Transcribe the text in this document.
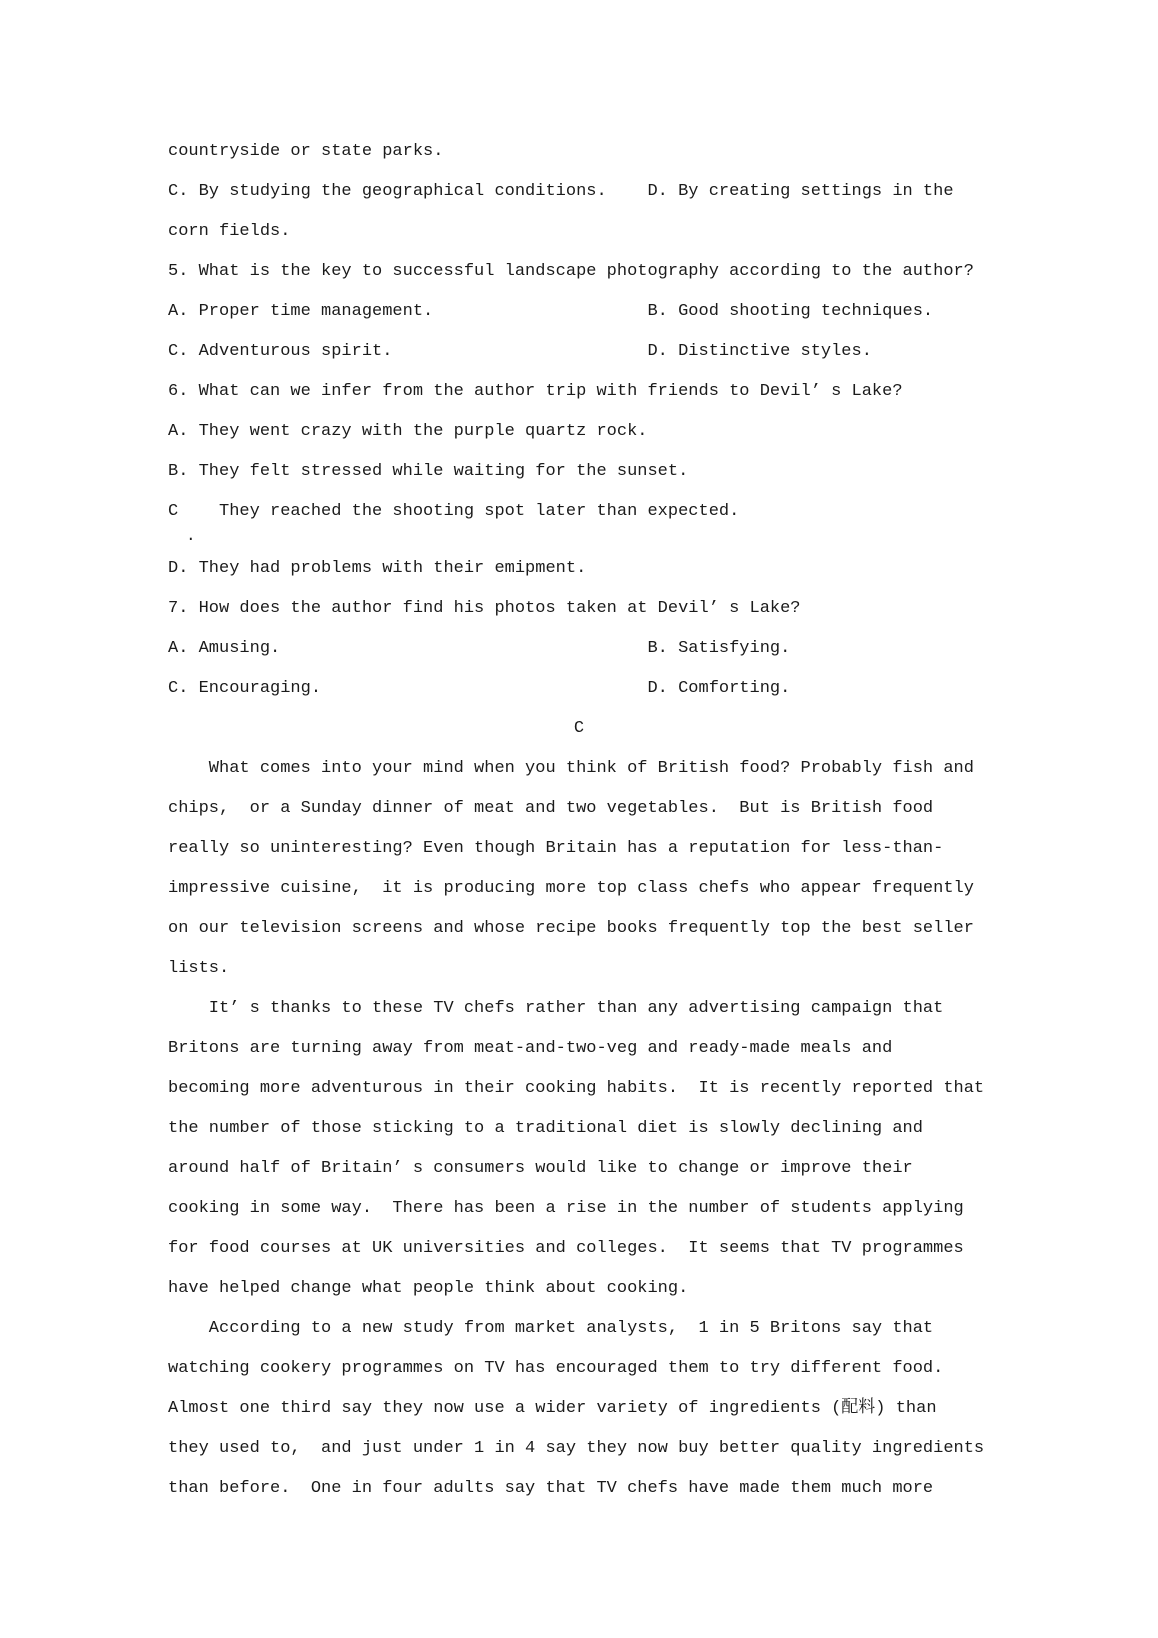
countryside or state parks.
C. By studying the geographical conditions.    D. By creating settings in the
corn fields.
5. What is the key to successful landscape photography according to the author?
A. Proper time management.                     B. Good shooting techniques.
C. Adventurous spirit.                         D. Distinctive styles.
6. What can we infer from the author trip with friends to Devil’ s Lake?
A. They went crazy with the purple quartz rock.
B. They felt stressed while waiting for the sunset.
C    They reached the shooting spot later than expected.
.
D. They had problems with their emipment.
7. How does the author find his photos taken at Devil’ s Lake?
A. Amusing.                                    B. Satisfying.
C. Encouraging.                                D. Comforting.
C
What comes into your mind when you think of British food? Probably fish and
chips,  or a Sunday dinner of meat and two vegetables.  But is British food
really so uninteresting? Even though Britain has a reputation for less-than-
impressive cuisine,  it is producing more top class chefs who appear frequently
on our television screens and whose recipe books frequently top the best seller
lists.
It’ s thanks to these TV chefs rather than any advertising campaign that
Britons are turning away from meat-and-two-veg and ready-made meals and
becoming more adventurous in their cooking habits.  It is recently reported that
the number of those sticking to a traditional diet is slowly declining and
around half of Britain’ s consumers would like to change or improve their
cooking in some way.  There has been a rise in the number of students applying
for food courses at UK universities and colleges.  It seems that TV programmes
have helped change what people think about cooking.
According to a new study from market analysts,  1 in 5 Britons say that
watching cookery programmes on TV has encouraged them to try different food.
Almost one third say they now use a wider variety of ingredients (配料) than
they used to,  and just under 1 in 4 say they now buy better quality ingredients
than before.  One in four adults say that TV chefs have made them much more
